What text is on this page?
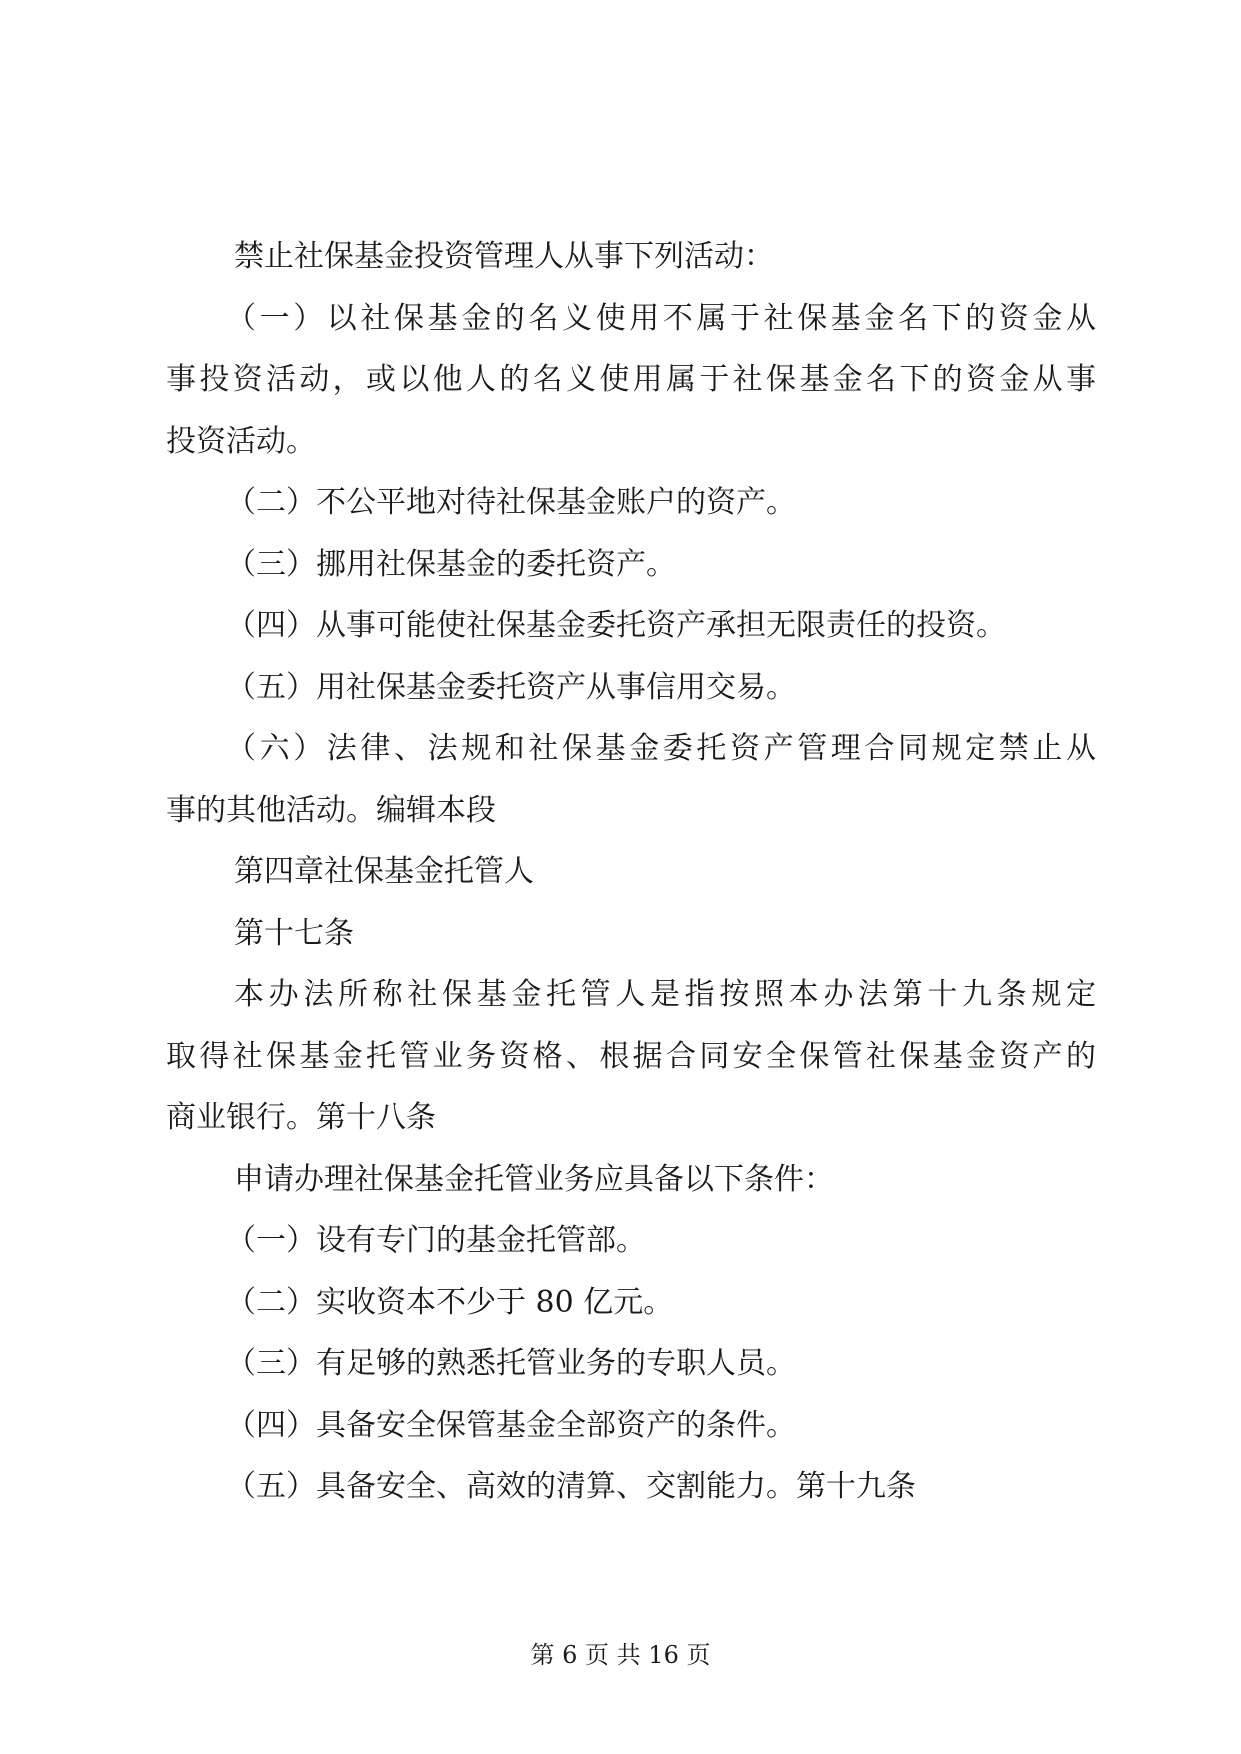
禁止社保基金投资管理人从事下列活动：
（一）以社保基金的名义使用不属于社保基金名下的资金从
事投资活动，或以他人的名义使用属于社保基金名下的资金从事
投资活动。
（二）不公平地对待社保基金账户的资产。
（三）挪用社保基金的委托资产。
（四）从事可能使社保基金委托资产承担无限责任的投资。
（五）用社保基金委托资产从事信用交易。
（六）法律、法规和社保基金委托资产管理合同规定禁止从
事的其他活动。编辑本段
第四章社保基金托管人
第十七条
本办法所称社保基金托管人是指按照本办法第十九条规定
取得社保基金托管业务资格、根据合同安全保管社保基金资产的
商业银行。第十八条
申请办理社保基金托管业务应具备以下条件：
（一）设有专门的基金托管部。
（二）实收资本不少于 80 亿元。
（三）有足够的熟悉托管业务的专职人员。
（四）具备安全保管基金全部资产的条件。
（五）具备安全、高效的清算、交割能力。第十九条
第 6 页 共 16 页
